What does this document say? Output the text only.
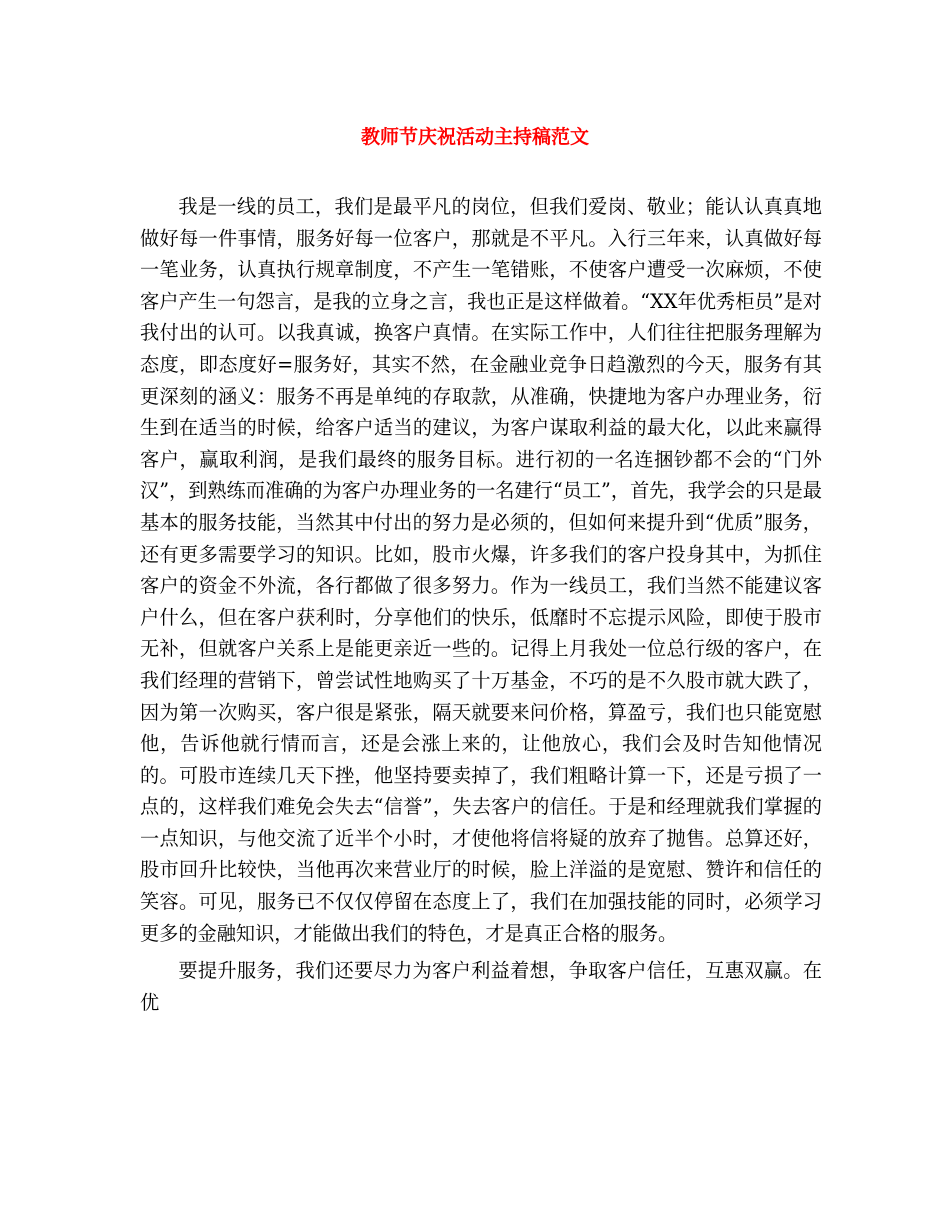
教师节庆祝活动主持稿范文

我是一线的员工，我们是最平凡的岗位，但我们爱岗、敬业；能认认真真地做好每一件事情，服务好每一位客户，那就是不平凡。入行三年来，认真做好每一笔业务，认真执行规章制度，不产生一笔错账，不使客户遭受一次麻烦，不使客户产生一句怨言，是我的立身之言，我也正是这样做着。“XX年优秀柜员”是对我付出的认可。以我真诚，换客户真情。在实际工作中，人们往往把服务理解为态度，即态度好=服务好，其实不然，在金融业竞争日趋激烈的今天，服务有其更深刻的涵义：服务不再是单纯的存取款，从准确，快捷地为客户办理业务，衍生到在适当的时候，给客户适当的建议，为客户谋取利益的最大化，以此来赢得客户，赢取利润，是我们最终的服务目标。进行初的一名连捆钞都不会的“门外汉”，到熟练而准确的为客户办理业务的一名建行“员工”，首先，我学会的只是最基本的服务技能，当然其中付出的努力是必须的，但如何来提升到“优质”服务，还有更多需要学习的知识。比如，股市火爆，许多我们的客户投身其中，为抓住客户的资金不外流，各行都做了很多努力。作为一线员工，我们当然不能建议客户什么，但在客户获利时，分享他们的快乐，低靡时不忘提示风险，即使于股市无补，但就客户关系上是能更亲近一些的。记得上月我处一位总行级的客户，在我们经理的营销下，曾尝试性地购买了十万基金，不巧的是不久股市就大跌了，因为第一次购买，客户很是紧张，隔天就要来问价格，算盈亏，我们也只能宽慰他，告诉他就行情而言，还是会涨上来的，让他放心，我们会及时告知他情况的。可股市连续几天下挫，他坚持要卖掉了，我们粗略计算一下，还是亏损了一点的，这样我们难免会失去“信誉”，失去客户的信任。于是和经理就我们掌握的一点知识，与他交流了近半个小时，才使他将信将疑的放弃了抛售。总算还好，股市回升比较快，当他再次来营业厅的时候，脸上洋溢的是宽慰、赞许和信任的笑容。可见，服务已不仅仅停留在态度上了，我们在加强技能的同时，必须学习更多的金融知识，才能做出我们的特色，才是真正合格的服务。

要提升服务，我们还要尽力为客户利益着想，争取客户信任，互惠双赢。在优
